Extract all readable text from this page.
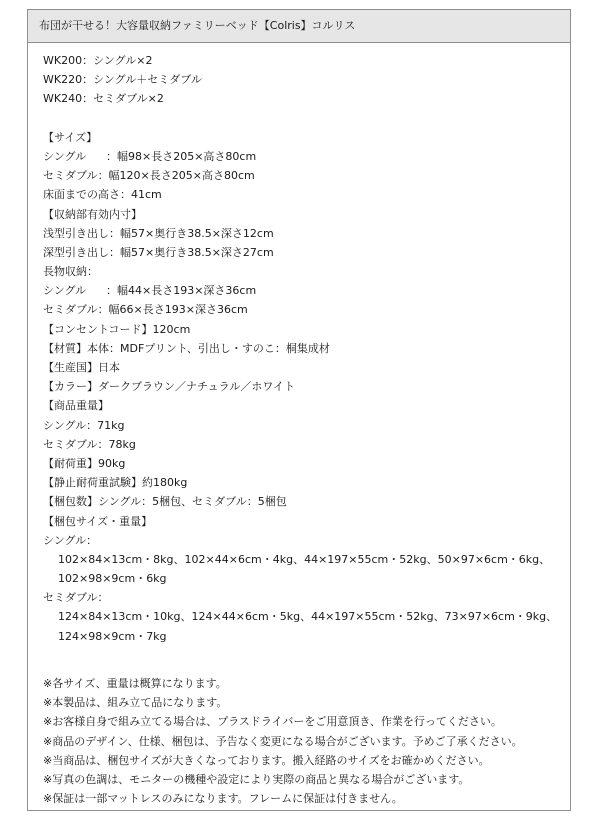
布団が干せる！大容量収納ファミリーベッド【Colris】コルリス
WK200：シングル×2
WK220：シングル＋セミダブル
WK240：セミダブル×2
【サイズ】
シングル ：幅98×長さ205×高さ80cm
セミダブル：幅120×長さ205×高さ80cm
床面までの高さ：41cm
【収納部有効内寸】
浅型引き出し：幅57×奥行き38.5×深さ12cm
深型引き出し：幅57×奥行き38.5×深さ27cm
長物収納：
シングル ：幅44×長さ193×深さ36cm
セミダブル：幅66×長さ193×深さ36cm
【コンセントコード】120cm
【材質】本体：MDFプリント、引出し・すのこ：桐集成材
【生産国】日本
【カラー】ダークブラウン／ナチュラル／ホワイト
【商品重量】
シングル：71kg
セミダブル：78kg
【耐荷重】90kg
【静止耐荷重試験】約180kg
【梱包数】シングル：5梱包、セミダブル：5梱包
【梱包サイズ・重量】
シングル：
102×84×13cm・8kg、102×44×6cm・4kg、44×197×55cm・52kg、50×97×6cm・6kg、
102×98×9cm・6kg
セミダブル：
124×84×13cm・10kg、124×44×6cm・5kg、44×197×55cm・52kg、73×97×6cm・9kg、
124×98×9cm・7kg
※各サイズ、重量は概算になります。
※本製品は、組み立て品になります。
※お客様自身で組み立てる場合は、プラスドライバーをご用意頂き、作業を行ってください。
※商品のデザイン、仕様、梱包は、予告なく変更になる場合がございます。予めご了承ください。
※当商品は、梱包サイズが大きくなっております。搬入経路のサイズをお確かめください。
※写真の色調は、モニターの機種や設定により実際の商品と異なる場合がございます。
※保証は一部マットレスのみになります。フレームに保証は付きません。
